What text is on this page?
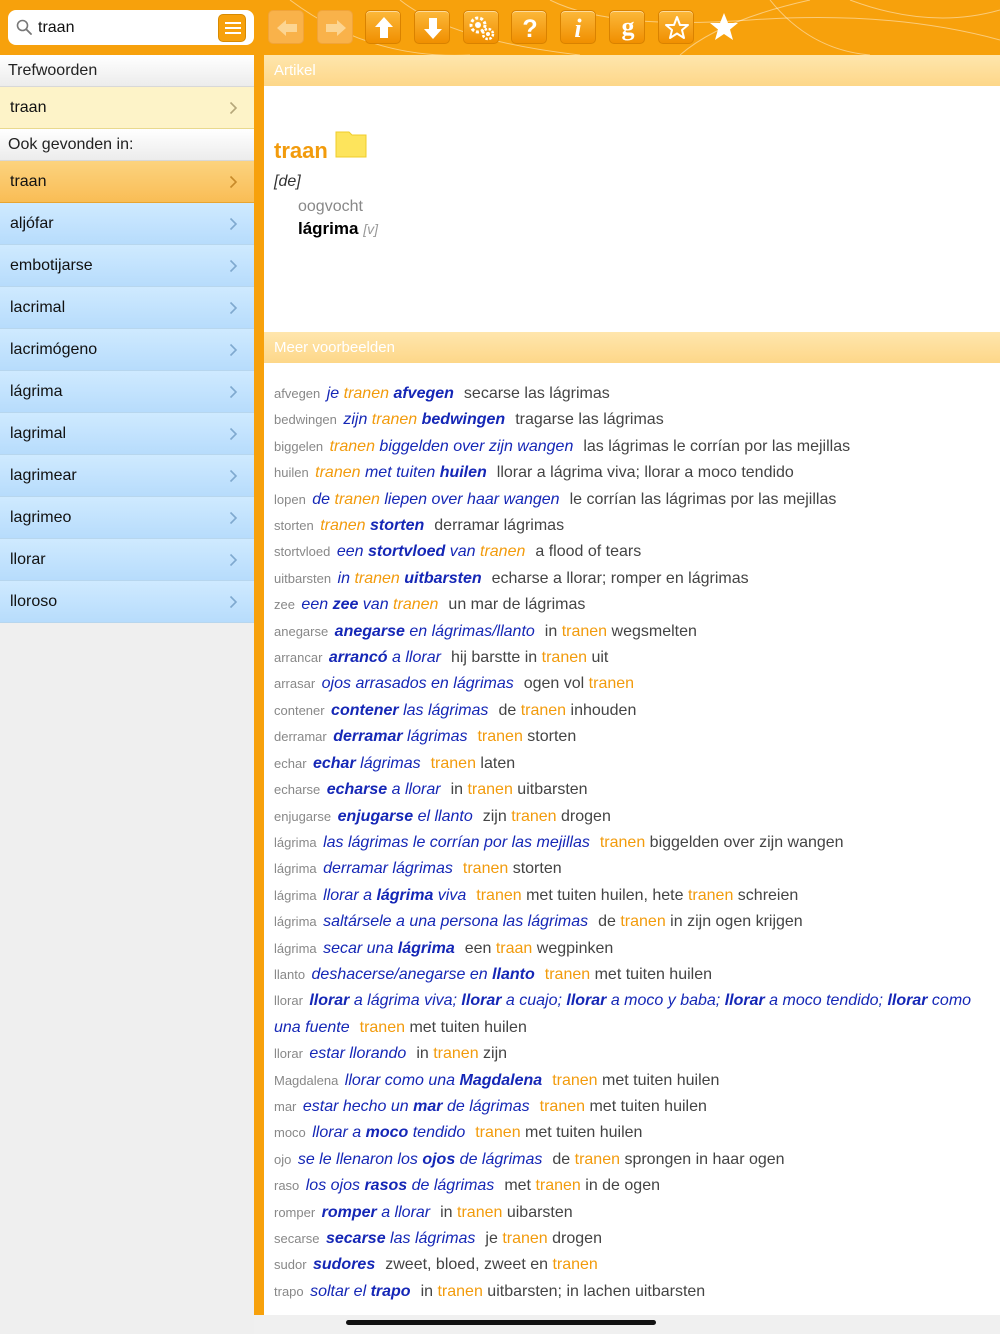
traan
? i g
Trefwoorden
traan
Ook gevonden in:
traan
aljófar
embotijarse
lacrimal
lacrimógeno
lágrima
lagrimal
lagrimear
lagrimeo
llorar
lloroso
Artikel
traan
[de]
oogvocht
lágrima [v]
Meer voorbeelden
afvegen je tranen afvegen secarse las lágrimas
bedwingen zijn tranen bedwingen tragarse las lágrimas
biggelen tranen biggelden over zijn wangen las lágrimas le corrían por las mejillas
huilen tranen met tuiten huilen llorar a lágrima viva; llorar a moco tendido
lopen de tranen liepen over haar wangen le corrían las lágrimas por las mejillas
storten tranen storten derramar lágrimas
stortvloed een stortvloed van tranen a flood of tears
uitbarsten in tranen uitbarsten echarse a llorar; romper en lágrimas
zee een zee van tranen un mar de lágrimas
anegarse anegarse en lágrimas/llanto in tranen wegsmelten
arrancar arrancó a llorar hij barstte in tranen uit
arrasar ojos arrasados en lágrimas ogen vol tranen
contener contener las lágrimas de tranen inhouden
derramar derramar lágrimas tranen storten
echar echar lágrimas tranen laten
echarse echarse a llorar in tranen uitbarsten
enjugarse enjugarse el llanto zijn tranen drogen
lágrima las lágrimas le corrían por las mejillas tranen biggelden over zijn wangen
lágrima derramar lágrimas tranen storten
lágrima llorar a lágrima viva tranen met tuiten huilen, hete tranen schreien
lágrima saltársele a una persona las lágrimas de tranen in zijn ogen krijgen
lágrima secar una lágrima een traan wegpinken
llanto deshacerse/anegarse en llanto tranen met tuiten huilen
llorar llorar a lágrima viva; llorar a cuajo; llorar a moco y baba; llorar a moco tendido; llorar como una fuente tranen met tuiten huilen
llorar estar llorando in tranen zijn
Magdalena llorar como una Magdalena tranen met tuiten huilen
mar estar hecho un mar de lágrimas tranen met tuiten huilen
moco llorar a moco tendido tranen met tuiten huilen
ojo se le llenaron los ojos de lágrimas de tranen sprongen in haar ogen
raso los ojos rasos de lágrimas met tranen in de ogen
romper romper a llorar in tranen uibarsten
secarse secarse las lágrimas je tranen drogen
sudor sudores zweet, bloed, zweet en tranen
trapo soltar el trapo in tranen uitbarsten; in lachen uitbarsten
